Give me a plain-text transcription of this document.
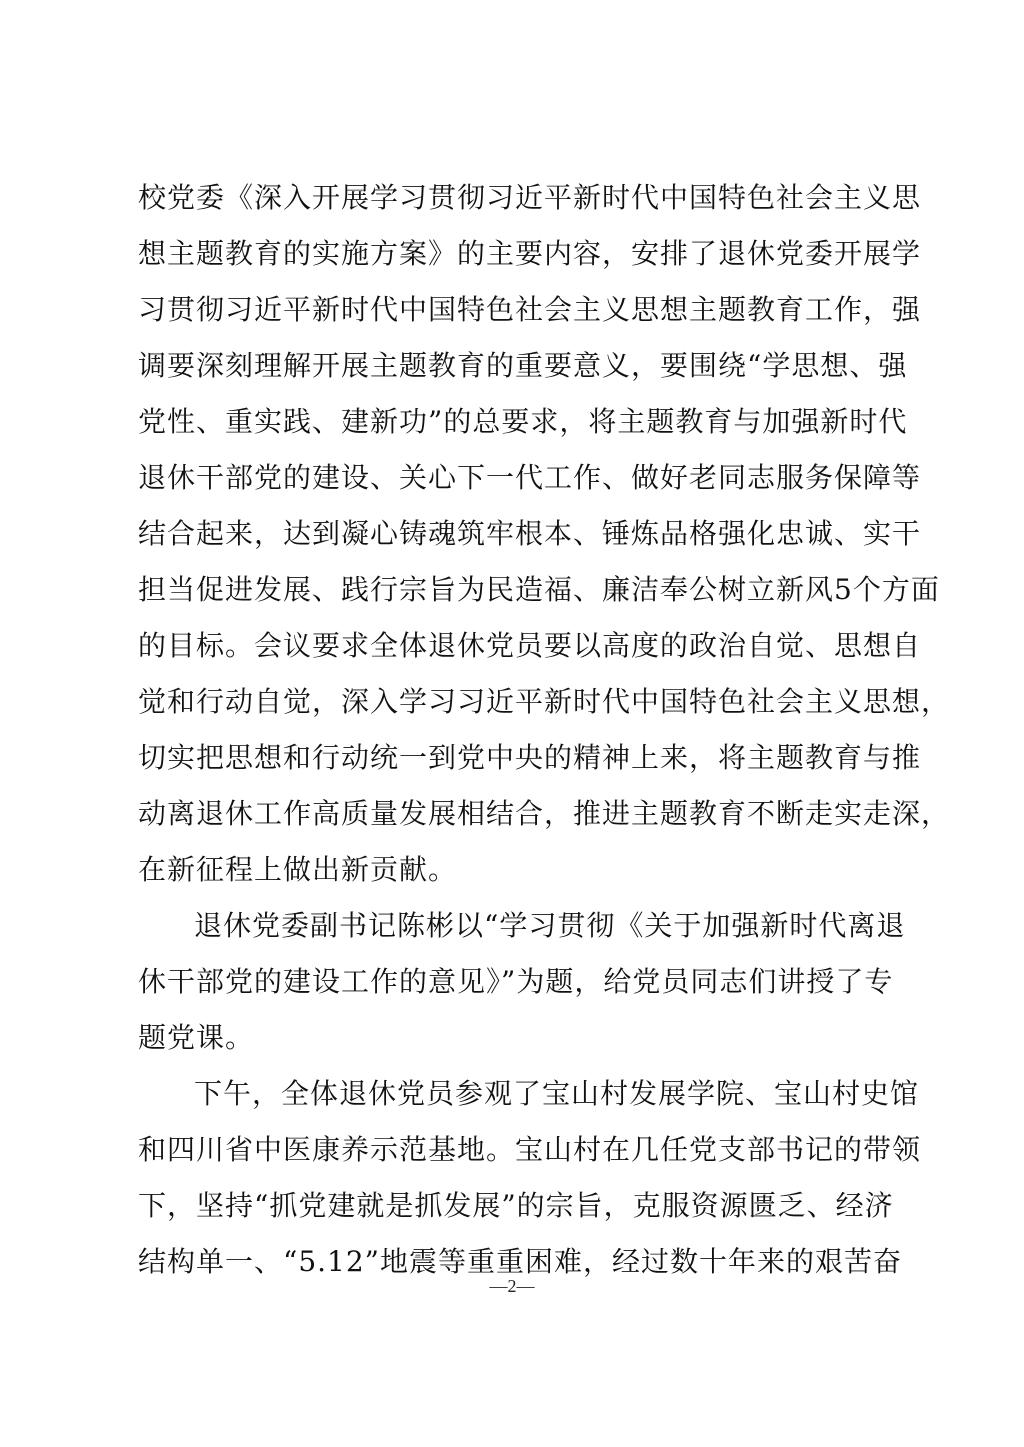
校党委《深入开展学习贯彻习近平新时代中国特色社会主义思
想主题教育的实施方案》的主要内容，安排了退休党委开展学
习贯彻习近平新时代中国特色社会主义思想主题教育工作，强
调要深刻理解开展主题教育的重要意义，要围绕“学思想、强
党性、重实践、建新功”的总要求，将主题教育与加强新时代
退休干部党的建设、关心下一代工作、做好老同志服务保障等
结合起来，达到凝心铸魂筑牢根本、锤炼品格强化忠诚、实干
担当促进发展、践行宗旨为民造福、廉洁奉公树立新风5个方面
的目标。会议要求全体退休党员要以高度的政治自觉、思想自
觉和行动自觉，深入学习习近平新时代中国特色社会主义思想，
切实把思想和行动统一到党中央的精神上来，将主题教育与推
动离退休工作高质量发展相结合，推进主题教育不断走实走深，
在新征程上做出新贡献。
退休党委副书记陈彬以“学习贯彻《关于加强新时代离退
休干部党的建设工作的意见》”为题，给党员同志们讲授了专
题党课。
下午，全体退休党员参观了宝山村发展学院、宝山村史馆
和四川省中医康养示范基地。宝山村在几任党支部书记的带领
下，坚持“抓党建就是抓发展”的宗旨，克服资源匮乏、经济
结构单一、“5.12”地震等重重困难，经过数十年来的艰苦奋
—2—
